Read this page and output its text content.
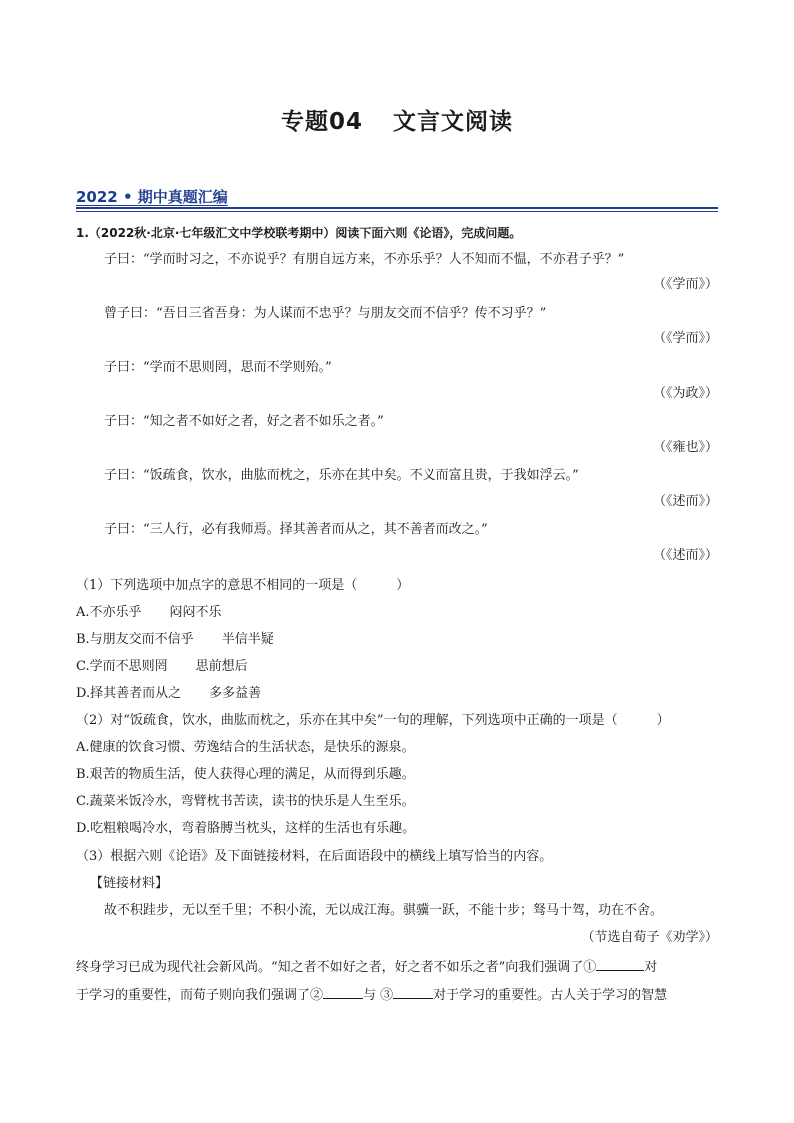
专题04 文言文阅读
2022 • 期中真题汇编
1.（2022秋·北京·七年级汇文中学校联考期中）阅读下面六则《论语》，完成问题。
子曰：“学而时习之，不亦说乎？有朋自远方来，不亦乐乎？人不知而不愠，不亦君子乎？”
（《学而》）
曾子曰：“吾日三省吾身：为人谋而不忠乎？与朋友交而不信乎？传不习乎？”
（《学而》）
子曰：“学而不思则罔，思而不学则殆。”
（《为政》）
子曰：“知之者不如好之者，好之者不如乐之者。”
（《雍也》）
子曰：“饭疏食，饮水，曲肱而枕之，乐亦在其中矣。不义而富且贵，于我如浮云。”
（《述而》）
子曰：“三人行，必有我师焉。择其善者而从之，其不善者而改之。”
（《述而》）
（1）下列选项中加点字的意思不相同的一项是（　　　）
A.不亦乐乎 闷闷不乐
B.与朋友交而不信乎 半信半疑
C.学而不思则罔 思前想后
D.择其善者而从之 多多益善
（2）对“饭疏食，饮水，曲肱而枕之，乐亦在其中矣”一句的理解，下列选项中正确的一项是（　　　）
A.健康的饮食习惯、劳逸结合的生活状态，是快乐的源泉。
B.艰苦的物质生活，使人获得心理的满足，从而得到乐趣。
C.蔬菜米饭冷水，弯臂枕书苦读，读书的快乐是人生至乐。
D.吃粗粮喝冷水，弯着胳膊当枕头，这样的生活也有乐趣。
（3）根据六则《论语》及下面链接材料，在后面语段中的横线上填写恰当的内容。
【链接材料】
故不积跬步，无以至千里；不积小流，无以成江海。骐骥一跃，不能十步；驽马十驾，功在不舍。
（节选自荀子《劝学》）
终身学习已成为现代社会新风尚。“知之者不如好之者，好之者不如乐之者”向我们强调了①	对
于学习的重要性，而荀子则向我们强调了②	与 ③	对于学习的重要性。古人关于学习的智慧
